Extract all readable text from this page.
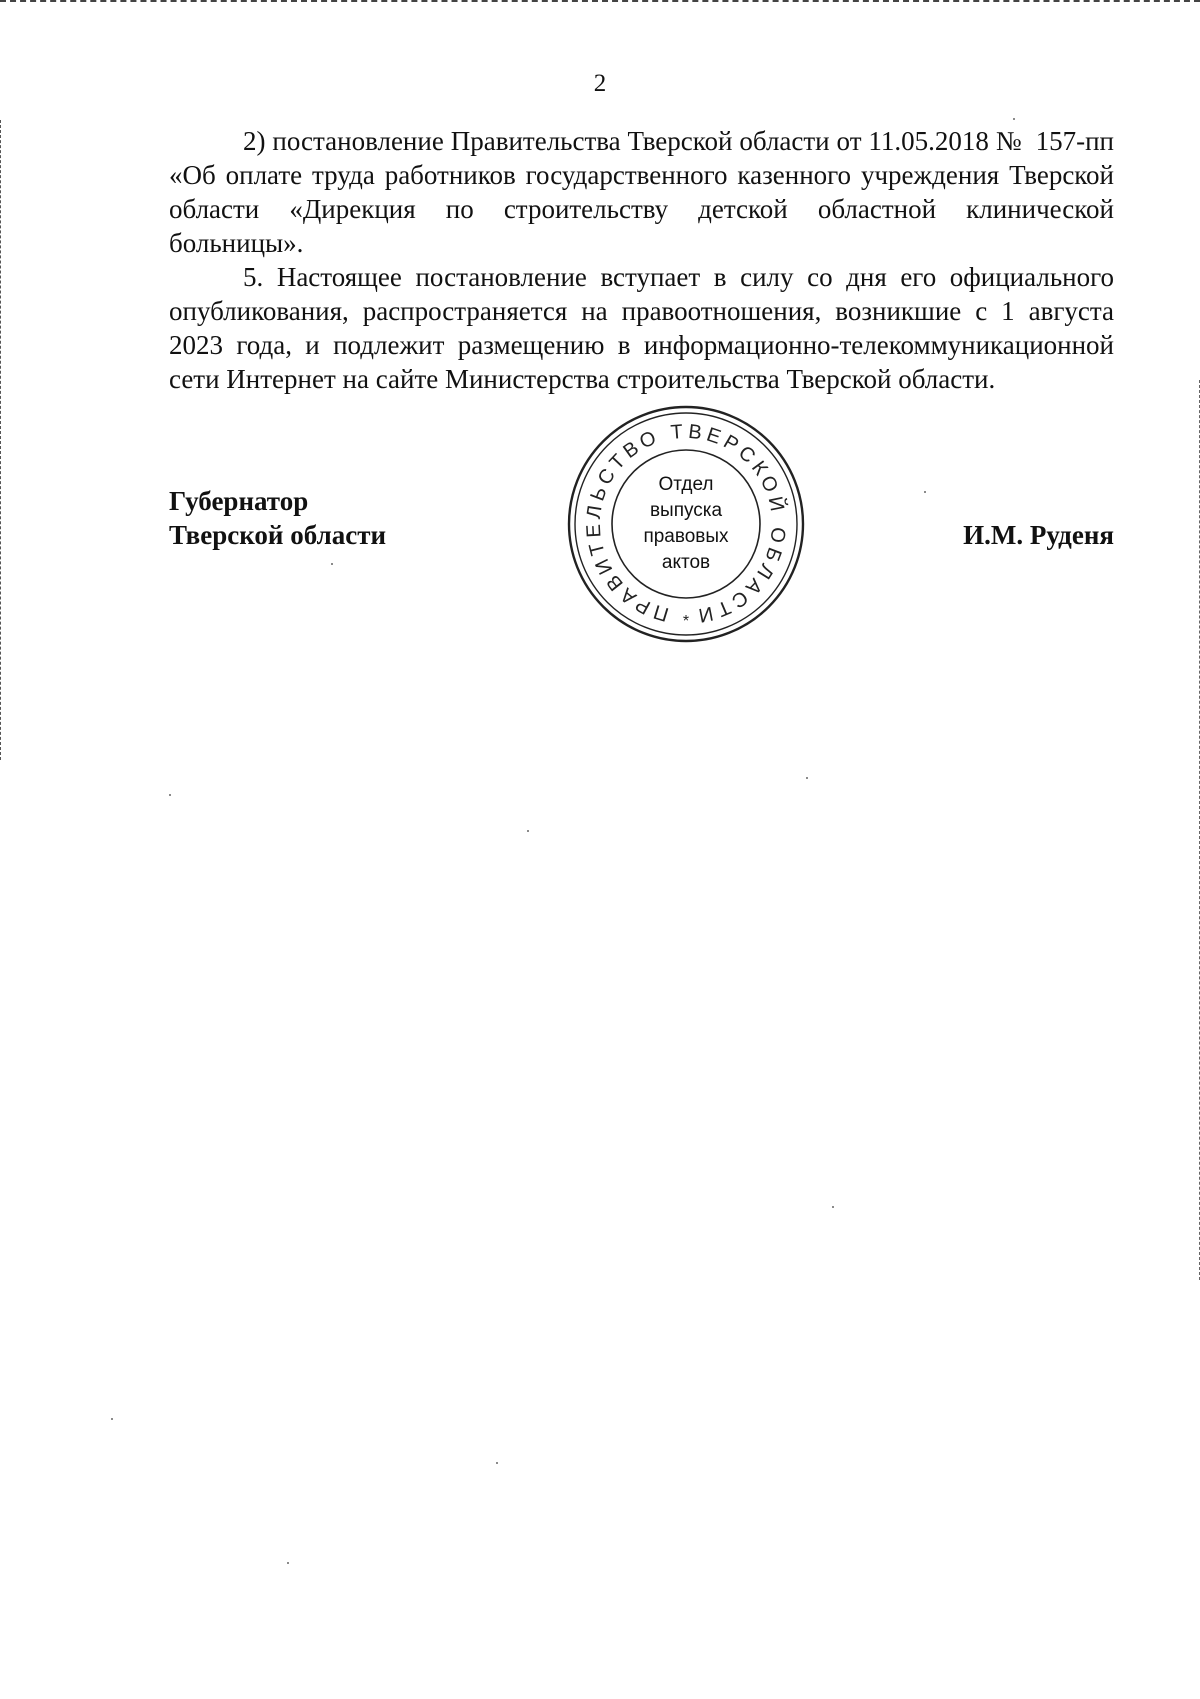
2

2) постановление Правительства Тверской области от 11.05.2018 №  157-пп «Об оплате труда работников государственного казенного учреждения Тверской области «Дирекция по строительству детской областной клинической больницы».

5. Настоящее постановление вступает в силу со дня его официального опубликования, распространяется на правоотношения, возникшие с 1 августа 2023 года, и подлежит размещению в информационно-телекоммуникационной сети Интернет на сайте Министерства строительства Тверской области.

Губернатор
Тверской области	И.М. Руденя
ПРАВИТЕЛЬСТВО ТВЕРСКОЙ ОБЛАСТИ
*
Отдел
выпуска
правовых
актов
